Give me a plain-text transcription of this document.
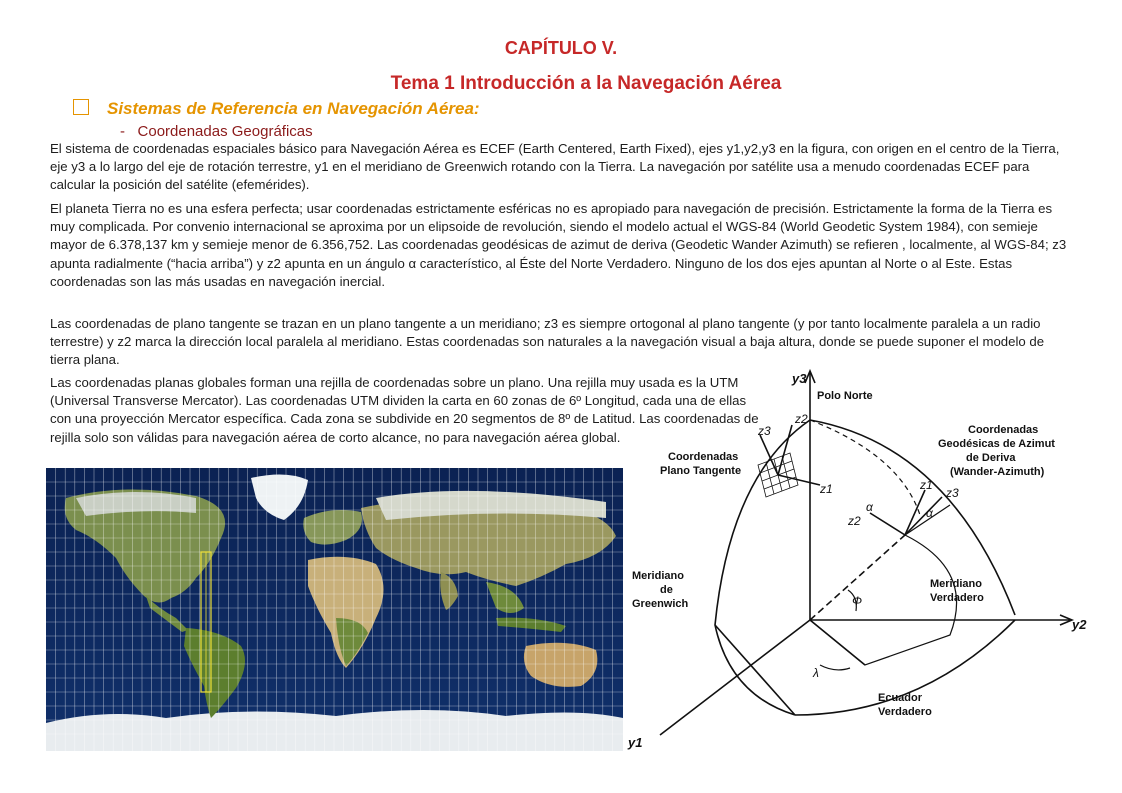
CAPÍTULO V.
Tema 1 Introducción a la Navegación Aérea
Sistemas de Referencia en Navegación Aérea:
- Coordenadas Geográficas
El sistema de coordenadas espaciales básico para Navegación Aérea es ECEF (Earth Centered, Earth Fixed), ejes y1,y2,y3 en la figura, con origen en el centro de la Tierra, eje y3 a lo largo del eje de rotación terrestre, y1 en el meridiano de Greenwich rotando con la Tierra. La navegación por satélite usa a menudo coordenadas ECEF para calcular la posición del satélite (efemérides).
El planeta Tierra no es una esfera perfecta; usar coordenadas estrictamente esféricas no es apropiado para navegación de precisión. Estrictamente la forma de la Tierra es muy complicada. Por convenio internacional se aproxima por un elipsoide de revolución, siendo el modelo actual el WGS-84 (World Geodetic System 1984), con semieje mayor de 6.378,137 km y semieje menor de 6.356,752. Las coordenadas geodésicas de azimut de deriva (Geodetic Wander Azimuth) se refieren , localmente, al WGS-84; z3 apunta radialmente (“hacia arriba”) y z2 apunta en un ángulo α característico, al Éste del Norte Verdadero. Ninguno de los dos ejes apuntan al Norte o al Este. Estas coordenadas son las más usadas en navegación inercial.
Las coordenadas de plano tangente se trazan en un plano tangente a un meridiano; z3 es siempre ortogonal al plano tangente (y por tanto localmente paralela a un radio terrestre) y z2 marca la dirección local paralela al meridiano. Estas coordenadas son naturales a la navegación visual a baja altura, donde se puede suponer el modelo de tierra plana.
Las coordenadas planas globales forman una rejilla de coordenadas sobre un plano. Una rejilla muy usada es la UTM (Universal Transverse Mercator). Las coordenadas UTM dividen la carta en 60 zonas de 6º Longitud, cada una de ellas con una proyección Mercator específica. Cada zona se subdivide en 20 segmentos de 8º de Latitud. Las coordenadas de rejilla solo son válidas para navegación aérea de corto alcance, no para navegación aérea global.
y3
y2
y1
Polo Norte
Coordenadas
Plano Tangente
Coordenadas
Geodésicas de Azimut
de Deriva
(Wander-Azimuth)
Meridiano
de
Greenwich
Meridiano
Verdadero
Ecuador
Verdadero
z1
z2
z3
z2
z1
z3
α	α
Φ
λ
